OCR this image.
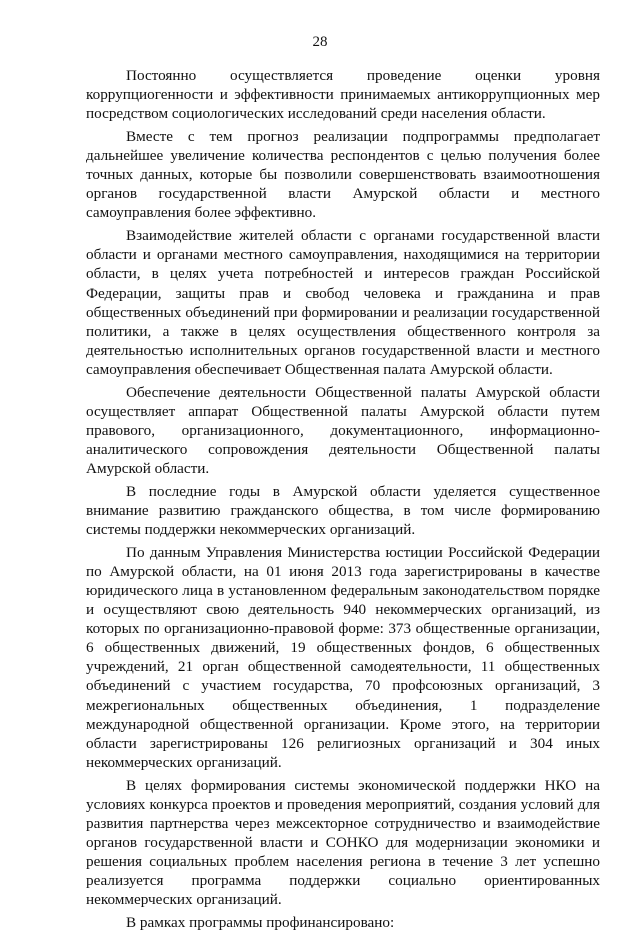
28

Постоянно осуществляется проведение оценки уровня коррупциогенности и эффективности принимаемых антикоррупционных мер посредством социологических исследований среди населения области.

Вместе с тем прогноз реализации подпрограммы предполагает дальнейшее увеличение количества респондентов с целью получения более точных данных, которые бы позволили совершенствовать взаимоотношения органов государственной власти Амурской области и местного самоуправления более эффективно.

Взаимодействие жителей области с органами государственной власти области и органами местного самоуправления, находящимися на территории области, в целях учета потребностей и интересов граждан Российской Федерации, защиты прав и свобод человека и гражданина и прав общественных объединений при формировании и реализации государственной политики, а также в целях осуществления общественного контроля за деятельностью исполнительных органов государственной власти и местного самоуправления обеспечивает Общественная палата Амурской области.

Обеспечение деятельности Общественной палаты Амурской области осуществляет аппарат Общественной палаты Амурской области путем правового, организационного, документационного, информационно-аналитического сопровождения деятельности Общественной палаты Амурской области.

В последние годы в Амурской области уделяется существенное внимание развитию гражданского общества, в том числе формированию системы поддержки некоммерческих организаций.

По данным Управления Министерства юстиции Российской Федерации по Амурской области, на 01 июня 2013 года зарегистрированы в качестве юридического лица в установленном федеральным законодательством порядке и осуществляют свою деятельность 940 некоммерческих организаций, из которых по организационно-правовой форме: 373 общественные организации, 6 общественных движений, 19 общественных фондов, 6 общественных учреждений, 21 орган общественной самодеятельности, 11 общественных объединений с участием государства, 70 профсоюзных организаций, 3 межрегиональных общественных объединения, 1 подразделение международной общественной организации. Кроме этого, на территории области зарегистрированы 126 религиозных организаций и 304 иных некоммерческих организаций.

В целях формирования системы экономической поддержки НКО на условиях конкурса проектов и проведения мероприятий, создания условий для развития партнерства через межсекторное сотрудничество и взаимодействие органов государственной власти и СОНКО для модернизации экономики и решения социальных проблем населения региона в течение 3 лет успешно реализуется программа поддержки социально ориентированных некоммерческих организаций.

В рамках программы профинансировано:
